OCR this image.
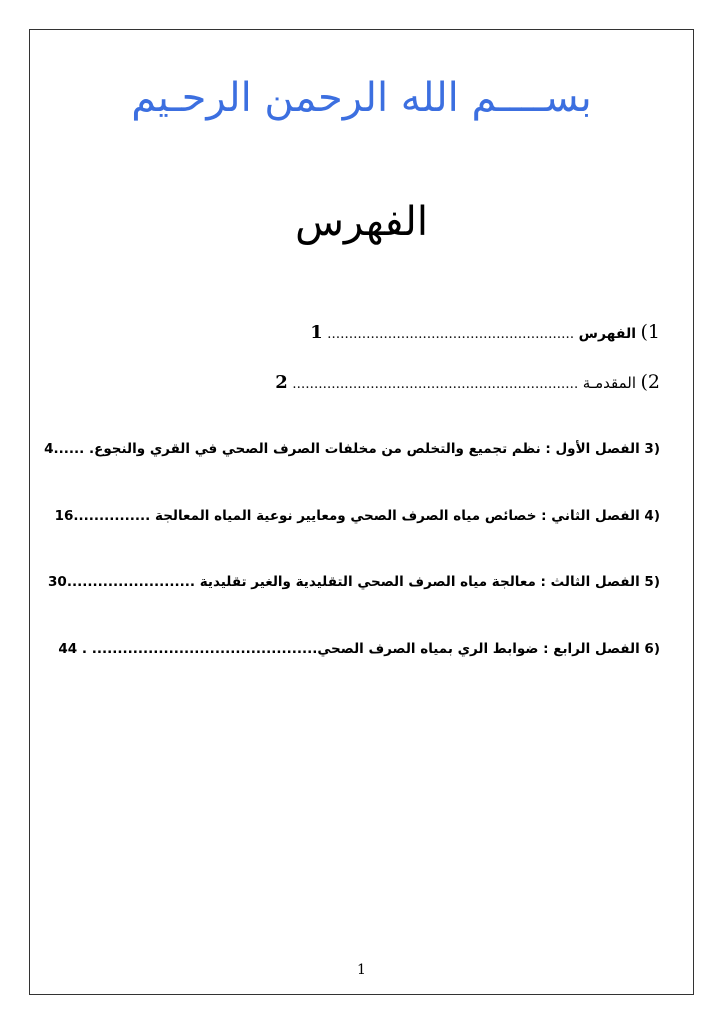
بســــم الله الرحمن الرحـيم
الفهرس
1) الفهرس ………………………………………………… 1
2) المقدمـة ………………………………………………………… 2
(3 الفصل الأول : نظم تجميع والتخلص من مخلفات الصرف الصحي في القري والنجوع. ......4
(4 الفصل الثاني : خصائص مياه الصرف الصحي ومعايير نوعية المياه المعالجة ...............16
(5 الفصل الثالث : معالجة مياه الصرف الصحي التقليدية والغير تقليدية .........................30
(6 الفصل الرابع : ضوابط الري بمياه الصرف الصحي............................................ . 44
1
